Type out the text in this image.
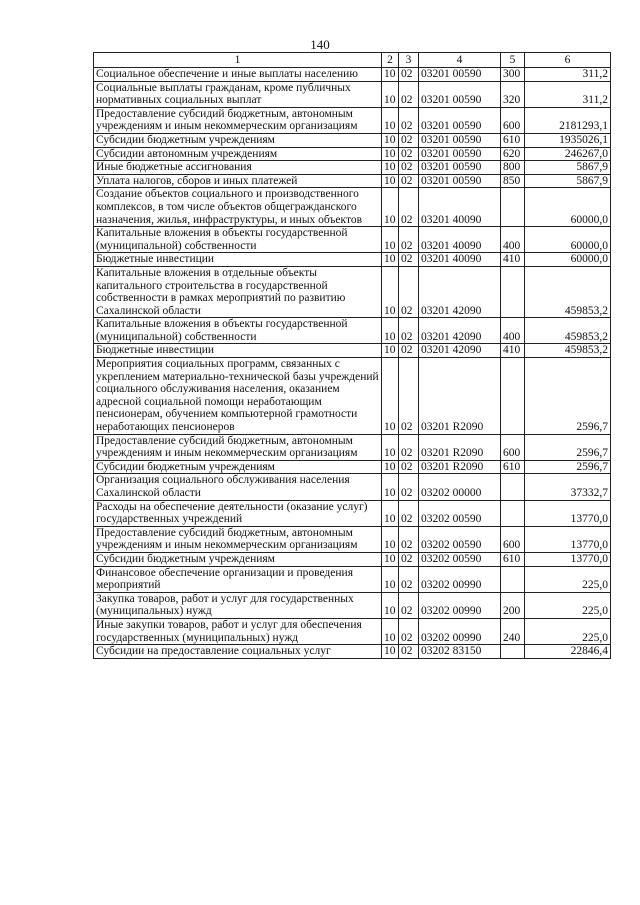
140
1	2	3	4	5	6
Социальное обеспечение и иные выплаты населению	10	02	03201 00590	300	311,2
Социальные выплаты гражданам, кроме публичных нормативных социальных выплат	10	02	03201 00590	320	311,2
Предоставление субсидий бюджетным, автономным учреждениям и иным некоммерческим организациям	10	02	03201 00590	600	2181293,1
Субсидии бюджетным учреждениям	10	02	03201 00590	610	1935026,1
Субсидии автономным учреждениям	10	02	03201 00590	620	246267,0
Иные бюджетные ассигнования	10	02	03201 00590	800	5867,9
Уплата налогов, сборов и иных платежей	10	02	03201 00590	850	5867,9
Создание объектов социального и производственного комплексов, в том числе объектов общегражданского назначения, жилья, инфраструктуры, и иных объектов	10	02	03201 40090		60000,0
Капитальные вложения в объекты государственной (муниципальной) собственности	10	02	03201 40090	400	60000,0
Бюджетные инвестиции	10	02	03201 40090	410	60000,0
Капитальные вложения в отдельные объекты капитального строительства в государственной собственности в рамках мероприятий по развитию Сахалинской области	10	02	03201 42090		459853,2
Капитальные вложения в объекты государственной (муниципальной) собственности	10	02	03201 42090	400	459853,2
Бюджетные инвестиции	10	02	03201 42090	410	459853,2
Мероприятия социальных программ, связанных с укреплением материально-технической базы учреждений социального обслуживания населения, оказанием адресной социальной помощи неработающим пенсионерам, обучением компьютерной грамотности неработающих пенсионеров	10	02	03201 R2090		2596,7
Предоставление субсидий бюджетным, автономным учреждениям и иным некоммерческим организациям	10	02	03201 R2090	600	2596,7
Субсидии бюджетным учреждениям	10	02	03201 R2090	610	2596,7
Организация социального обслуживания населения Сахалинской области	10	02	03202 00000		37332,7
Расходы на обеспечение деятельности (оказание услуг) государственных учреждений	10	02	03202 00590		13770,0
Предоставление субсидий бюджетным, автономным учреждениям и иным некоммерческим организациям	10	02	03202 00590	600	13770,0
Субсидии бюджетным учреждениям	10	02	03202 00590	610	13770,0
Финансовое обеспечение организации и проведения мероприятий	10	02	03202 00990		225,0
Закупка товаров, работ и услуг для государственных (муниципальных) нужд	10	02	03202 00990	200	225,0
Иные закупки товаров, работ и услуг для обеспечения государственных (муниципальных) нужд	10	02	03202 00990	240	225,0
Субсидии на предоставление социальных услуг	10	02	03202 83150		22846,4
